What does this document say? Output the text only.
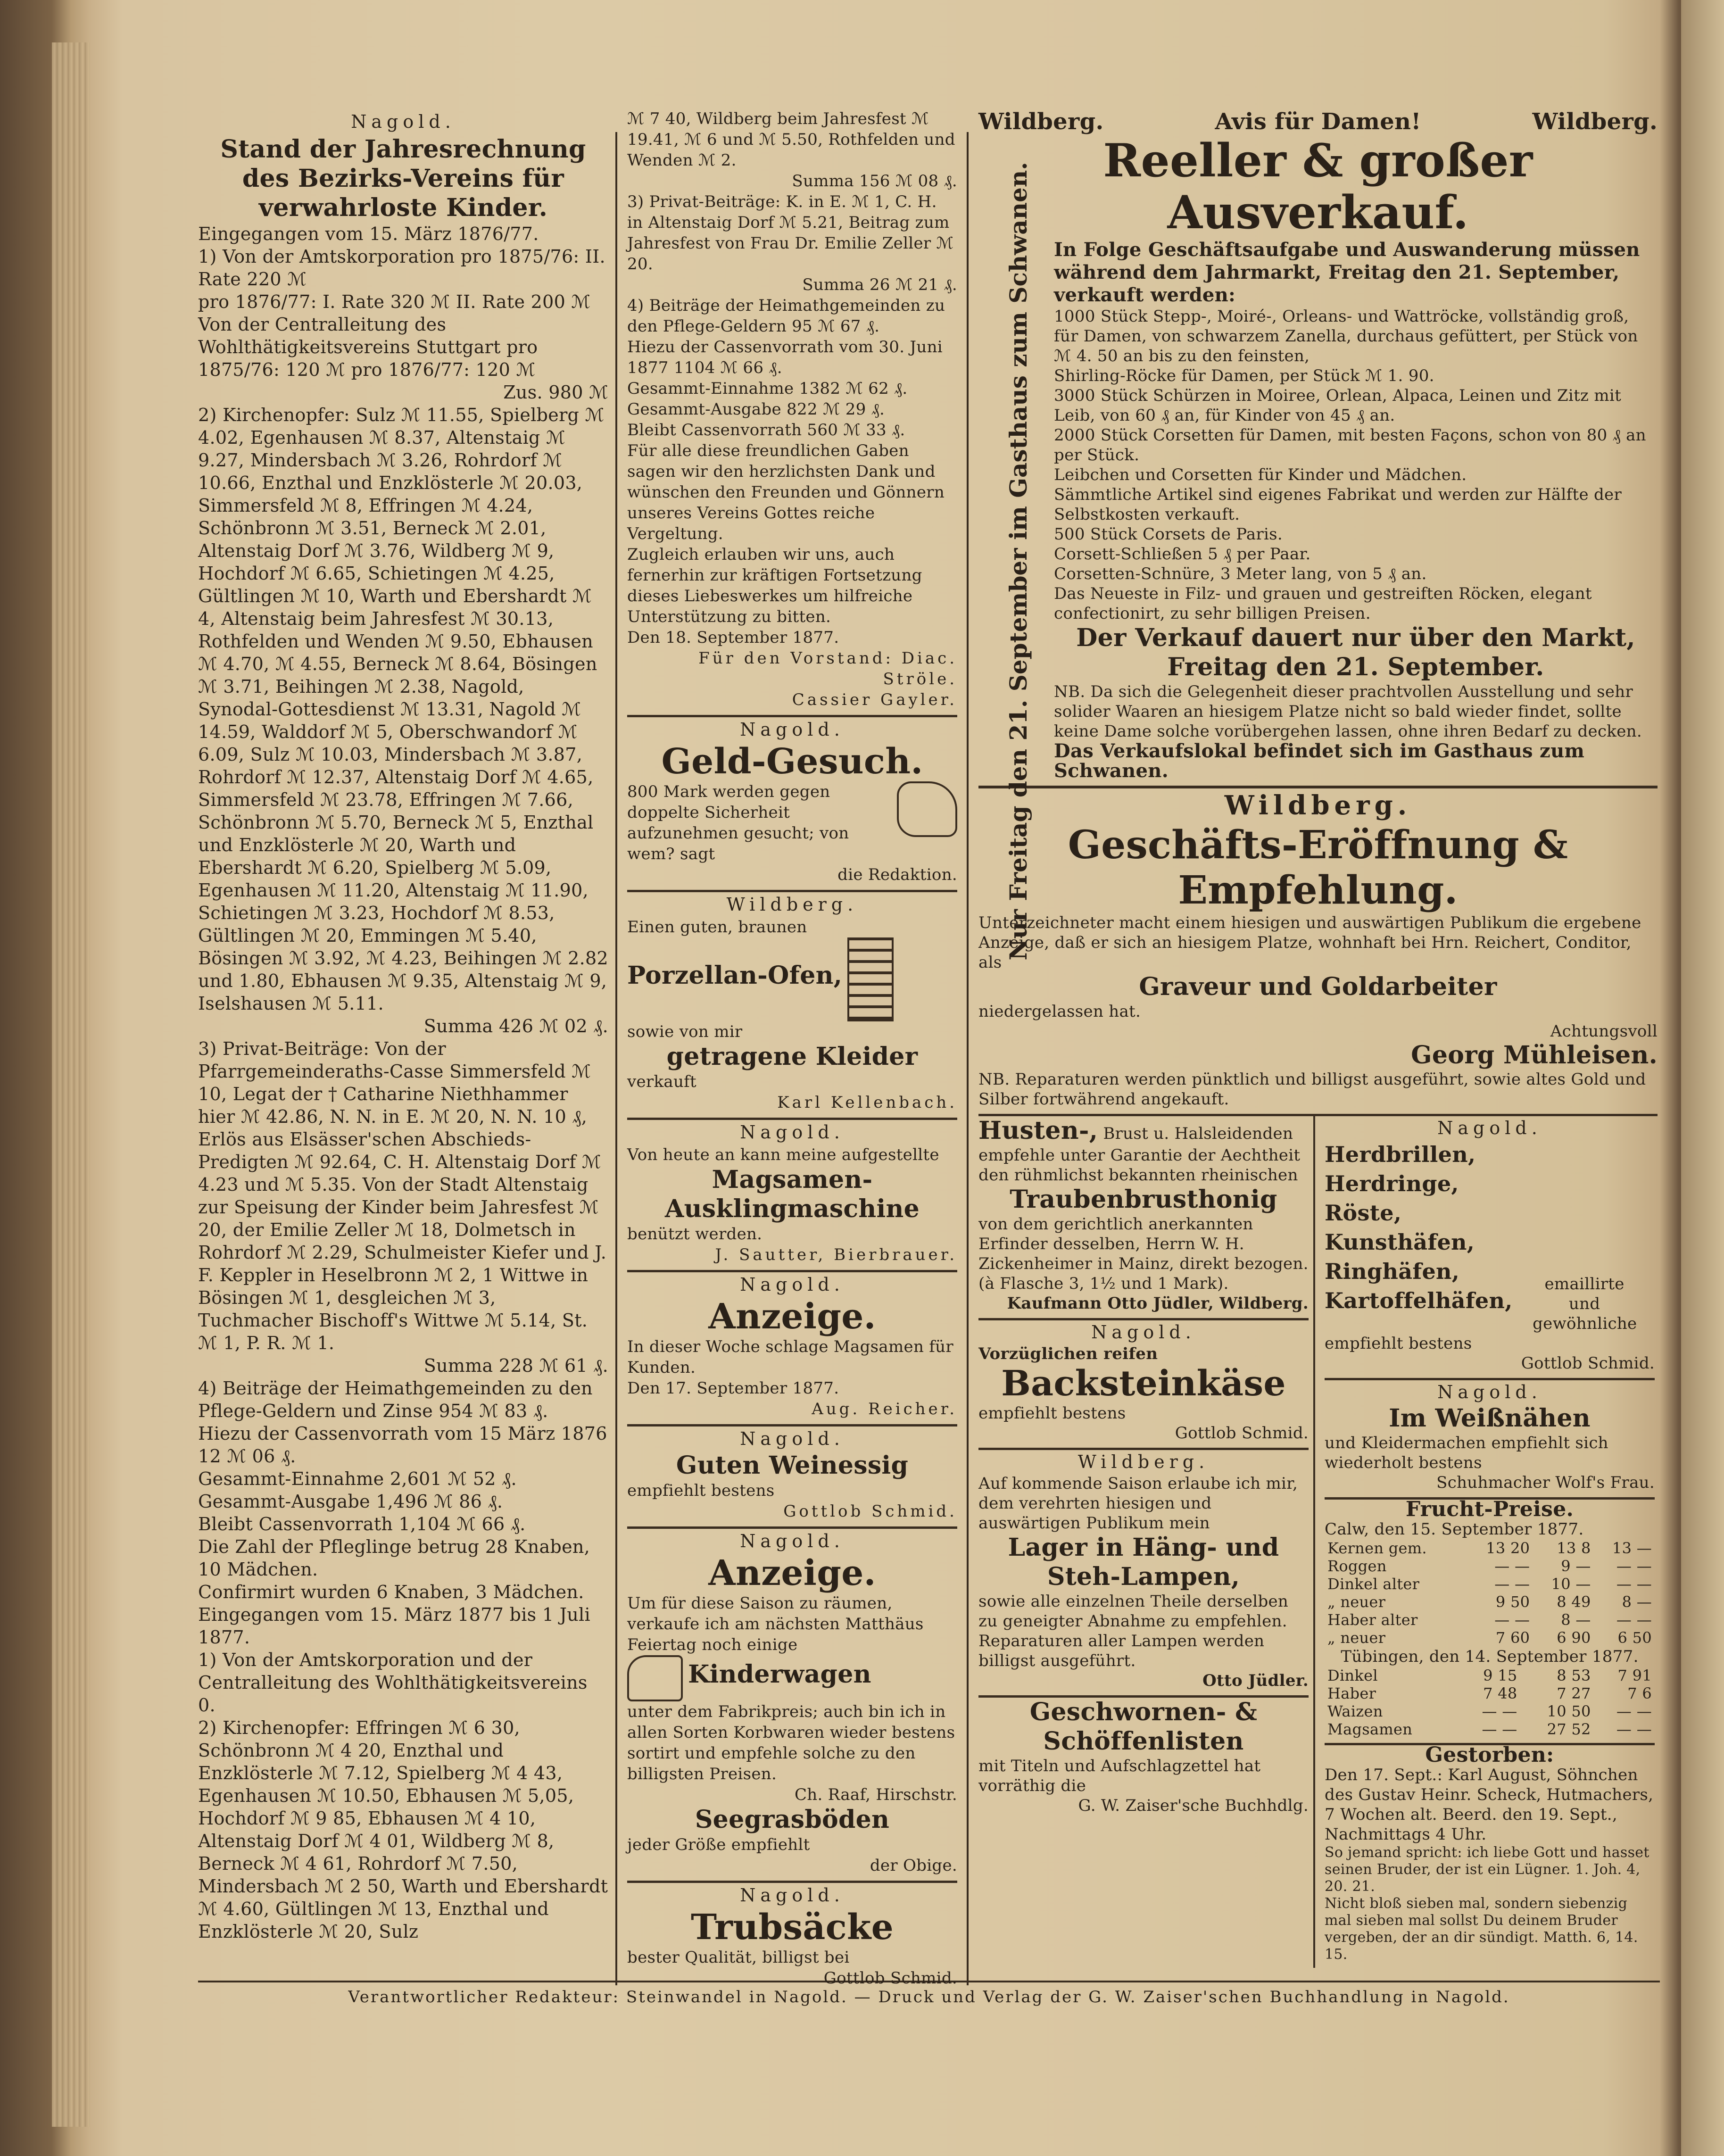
Nagold.
Stand der Jahresrechnung des Bezirks-Vereins für verwahrloste Kinder.

Eingegangen vom 15. März 1876/77.

1) Von der Amtskorporation pro 1875/76: II. Rate 220 ℳ

pro 1876/77: I. Rate 320 ℳ II. Rate 200 ℳ

Von der Centralleitung des Wohlthätigkeitsvereins Stuttgart pro 1875/76: 120 ℳ pro 1876/77: 120 ℳ

Zus. 980 ℳ

2) Kirchenopfer: Sulz ℳ 11.55, Spielberg ℳ 4.02, Egenhausen ℳ 8.37, Altenstaig ℳ 9.27, Mindersbach ℳ 3.26, Rohrdorf ℳ 10.66, Enzthal und Enzklösterle ℳ 20.03, Simmersfeld ℳ 8, Effringen ℳ 4.24, Schönbronn ℳ 3.51, Berneck ℳ 2.01, Altenstaig Dorf ℳ 3.76, Wildberg ℳ 9, Hochdorf ℳ 6.65, Schietingen ℳ 4.25, Gültlingen ℳ 10, Warth und Ebershardt ℳ 4, Altenstaig beim Jahresfest ℳ 30.13, Rothfelden und Wenden ℳ 9.50, Ebhausen ℳ 4.70, ℳ 4.55, Berneck ℳ 8.64, Bösingen ℳ 3.71, Beihingen ℳ 2.38, Nagold, Synodal-Gottesdienst ℳ 13.31, Nagold ℳ 14.59, Walddorf ℳ 5, Oberschwandorf ℳ 6.09, Sulz ℳ 10.03, Mindersbach ℳ 3.87, Rohrdorf ℳ 12.37, Altenstaig Dorf ℳ 4.65, Simmersfeld ℳ 23.78, Effringen ℳ 7.66, Schönbronn ℳ 5.70, Berneck ℳ 5, Enzthal und Enzklösterle ℳ 20, Warth und Ebershardt ℳ 6.20, Spielberg ℳ 5.09, Egenhausen ℳ 11.20, Altenstaig ℳ 11.90, Schietingen ℳ 3.23, Hochdorf ℳ 8.53, Gültlingen ℳ 20, Emmingen ℳ 5.40, Bösingen ℳ 3.92, ℳ 4.23, Beihingen ℳ 2.82 und 1.80, Ebhausen ℳ 9.35, Altenstaig ℳ 9, Iselshausen ℳ 5.11.

Summa 426 ℳ 02 ₰.

3) Privat-Beiträge: Von der Pfarrgemeinderaths-Casse Simmersfeld ℳ 10, Legat der † Catharine Niethhammer hier ℳ 42.86, N. N. in E. ℳ 20, N. N. 10 ₰, Erlös aus Elsässer'schen Abschieds-Predigten ℳ 92.64, C. H. Altenstaig Dorf ℳ 4.23 und ℳ 5.35. Von der Stadt Altenstaig zur Speisung der Kinder beim Jahresfest ℳ 20, der Emilie Zeller ℳ 18, Dolmetsch in Rohrdorf ℳ 2.29, Schulmeister Kiefer und J. F. Keppler in Heselbronn ℳ 2, 1 Wittwe in Bösingen ℳ 1, desgleichen ℳ 3, Tuchmacher Bischoff's Wittwe ℳ 5.14, St. ℳ 1, P. R. ℳ 1.

Summa 228 ℳ 61 ₰.

4) Beiträge der Heimathgemeinden zu den Pflege-Geldern und Zinse 954 ℳ 83 ₰.

Hiezu der Cassenvorrath vom 15 März 1876 12 ℳ 06 ₰.

Gesammt-Einnahme 2,601 ℳ 52 ₰.

Gesammt-Ausgabe 1,496 ℳ 86 ₰.

Bleibt Cassenvorrath 1,104 ℳ 66 ₰.

Die Zahl der Pfleglinge betrug 28 Knaben, 10 Mädchen.

Confirmirt wurden 6 Knaben, 3 Mädchen.

Eingegangen vom 15. März 1877 bis 1 Juli 1877.

1) Von der Amtskorporation und der Centralleitung des Wohlthätigkeitsvereins 0.

2) Kirchenopfer: Effringen ℳ 6 30, Schönbronn ℳ 4 20, Enzthal und Enzklösterle ℳ 7.12, Spielberg ℳ 4 43, Egenhausen ℳ 10.50, Ebhausen ℳ 5,05, Hochdorf ℳ 9 85, Ebhausen ℳ 4 10, Altenstaig Dorf ℳ 4 01, Wildberg ℳ 8, Berneck ℳ 4 61, Rohrdorf ℳ 7.50, Mindersbach ℳ 2 50, Warth und Ebershardt ℳ 4.60, Gültlingen ℳ 13, Enzthal und Enzklösterle ℳ 20, Sulz

ℳ 7 40, Wildberg beim Jahresfest ℳ 19.41, ℳ 6 und ℳ 5.50, Rothfelden und Wenden ℳ 2.

Summa 156 ℳ 08 ₰.

3) Privat-Beiträge: K. in E. ℳ 1, C. H. in Altenstaig Dorf ℳ 5.21, Beitrag zum Jahresfest von Frau Dr. Emilie Zeller ℳ 20.

Summa 26 ℳ 21 ₰.

4) Beiträge der Heimathgemeinden zu den Pflege-Geldern 95 ℳ 67 ₰.

Hiezu der Cassenvorrath vom 30. Juni 1877 1104 ℳ 66 ₰.

Gesammt-Einnahme 1382 ℳ 62 ₰.

Gesammt-Ausgabe 822 ℳ 29 ₰.

Bleibt Cassenvorrath 560 ℳ 33 ₰.

Für alle diese freundlichen Gaben sagen wir den herzlichsten Dank und wünschen den Freunden und Gönnern unseres Vereins Gottes reiche Vergeltung.

Zugleich erlauben wir uns, auch fernerhin zur kräftigen Fortsetzung dieses Liebeswerkes um hilfreiche Unterstützung zu bitten.

Den 18. September 1877.

Für den Vorstand: Diac. Ströle.

Cassier Gayler.

Nagold.
Geld-Gesuch.

800 Mark werden gegen doppelte Sicherheit aufzunehmen gesucht; von wem? sagt

die Redaktion.

Wildberg.

Einen guten, braunen

Porzellan-Ofen,

sowie von mir

getragene Kleider

verkauft

Karl Kellenbach.

Nagold.

Von heute an kann meine aufgestellte

Magsamen-Ausklingmaschine

benützt werden.

J. Sautter, Bierbrauer.

Nagold.
Anzeige.

In dieser Woche schlage Magsamen für Kunden.

Den 17. September 1877.

Aug. Reicher.

Nagold.
Guten Weinessig

empfiehlt bestens

Gottlob Schmid.

Nagold.
Anzeige.

Um für diese Saison zu räumen, verkaufe ich am nächsten Matthäus Feiertag noch einige

Kinderwagen

unter dem Fabrikpreis; auch bin ich in allen Sorten Korbwaren wieder bestens sortirt und empfehle solche zu den billigsten Preisen.

Ch. Raaf, Hirschstr.

Seegrasböden

jeder Größe empfiehlt

der Obige.

Nagold.
Trubsäcke

bester Qualität, billigst bei

Gottlob Schmid.

Wildberg.	Avis für Damen!	Wildberg.
Reeller & großer Ausverkauf.

In Folge Geschäftsaufgabe und Auswanderung müssen während dem Jahrmarkt, Freitag den 21. September, verkauft werden:

1000 Stück Stepp-, Moiré-, Orleans- und Wattröcke, vollständig groß, für Damen, von schwarzem Zanella, durchaus gefüttert, per Stück von ℳ 4. 50 an bis zu den feinsten,

Shirling-Röcke für Damen, per Stück ℳ 1. 90.

3000 Stück Schürzen in Moiree, Orlean, Alpaca, Leinen und Zitz mit Leib, von 60 ₰ an, für Kinder von 45 ₰ an.

2000 Stück Corsetten für Damen, mit besten Façons, schon von 80 ₰ an per Stück.

Leibchen und Corsetten für Kinder und Mädchen.

Sämmtliche Artikel sind eigenes Fabrikat und werden zur Hälfte der Selbstkosten verkauft.

500 Stück Corsets de Paris.

Corsett-Schließen 5 ₰ per Paar.

Corsetten-Schnüre, 3 Meter lang, von 5 ₰ an.

Das Neueste in Filz- und grauen und gestreiften Röcken, elegant confectionirt, zu sehr billigen Preisen.

Der Verkauf dauert nur über den Markt, Freitag den 21. September.

NB. Da sich die Gelegenheit dieser prachtvollen Ausstellung und sehr solider Waaren an hiesigem Platze nicht so bald wieder findet, sollte keine Dame solche vorübergehen lassen, ohne ihren Bedarf zu decken.

Das Verkaufslokal befindet sich im Gasthaus zum Schwanen.

Wildberg.
Geschäfts-Eröffnung & Empfehlung.

Unterzeichneter macht einem hiesigen und auswärtigen Publikum die ergebene Anzeige, daß er sich an hiesigem Platze, wohnhaft bei Hrn. Reichert, Conditor, als

Graveur und Goldarbeiter

niedergelassen hat.

Achtungsvoll

Georg Mühleisen.

NB. Reparaturen werden pünktlich und billigst ausgeführt, sowie altes Gold und Silber fortwährend angekauft.

Husten-, Brust u. Halsleidenden empfehle unter Garantie der Aechtheit den rühmlichst bekannten rheinischen
Traubenbrusthonig

von dem gerichtlich anerkannten Erfinder desselben, Herrn W. H. Zickenheimer in Mainz, direkt bezogen. (à Flasche 3, 1½ und 1 Mark).

Kaufmann Otto Jüdler, Wildberg.

Nagold.

Vorzüglichen reifen

Backsteinkäse

empfiehlt bestens

Gottlob Schmid.

Wildberg.

Auf kommende Saison erlaube ich mir, dem verehrten hiesigen und auswärtigen Publikum mein

Lager in Häng- und Steh-Lampen,

sowie alle einzelnen Theile derselben zu geneigter Abnahme zu empfehlen.

Reparaturen aller Lampen werden billigst ausgeführt.

Otto Jüdler.

Geschwornen- & Schöffenlisten

mit Titeln und Aufschlagzettel hat vorräthig die

G. W. Zaiser'sche Buchhdlg.

Nagold.
Herdbrillen, Herdringe, Röste, Kunsthäfen, Ringhäfen, Kartoffelhäfen, emaillirte und gewöhnliche

empfiehlt bestens

Gottlob Schmid.

Nagold.
Im Weißnähen

und Kleidermachen empfiehlt sich wiederholt bestens

Schuhmacher Wolf's Frau.

Frucht-Preise.

Calw, den 15. September 1877.

Kernen gem.	13 20	13 8	13 —
Roggen	— —	9 —	— —
Dinkel alter	— —	10 —	— —
„ neuer	9 50	8 49	8 —
Haber alter	— —	8 —	— —
„ neuer	7 60	6 90	6 50

Tübingen, den 14. September 1877.

Dinkel	9 15	8 53	7 91
Haber	7 48	7 27	7 6
Waizen	— —	10 50	— —
Magsamen	— —	27 52	— —
Gestorben:

Den 17. Sept.: Karl August, Söhnchen des Gustav Heinr. Scheck, Hutmachers, 7 Wochen alt. Beerd. den 19. Sept., Nachmittags 4 Uhr.

So jemand spricht: ich liebe Gott und hasset seinen Bruder, der ist ein Lügner. 1. Joh. 4, 20. 21.

Nicht bloß sieben mal, sondern siebenzig mal sieben mal sollst Du deinem Bruder vergeben, der an dir sündigt. Matth. 6, 14. 15.

Nur Freitag den 21. September im Gasthaus zum Schwanen.
Verantwortlicher Redakteur: Steinwandel in Nagold. — Druck und Verlag der G. W. Zaiser'schen Buchhandlung in Nagold.
